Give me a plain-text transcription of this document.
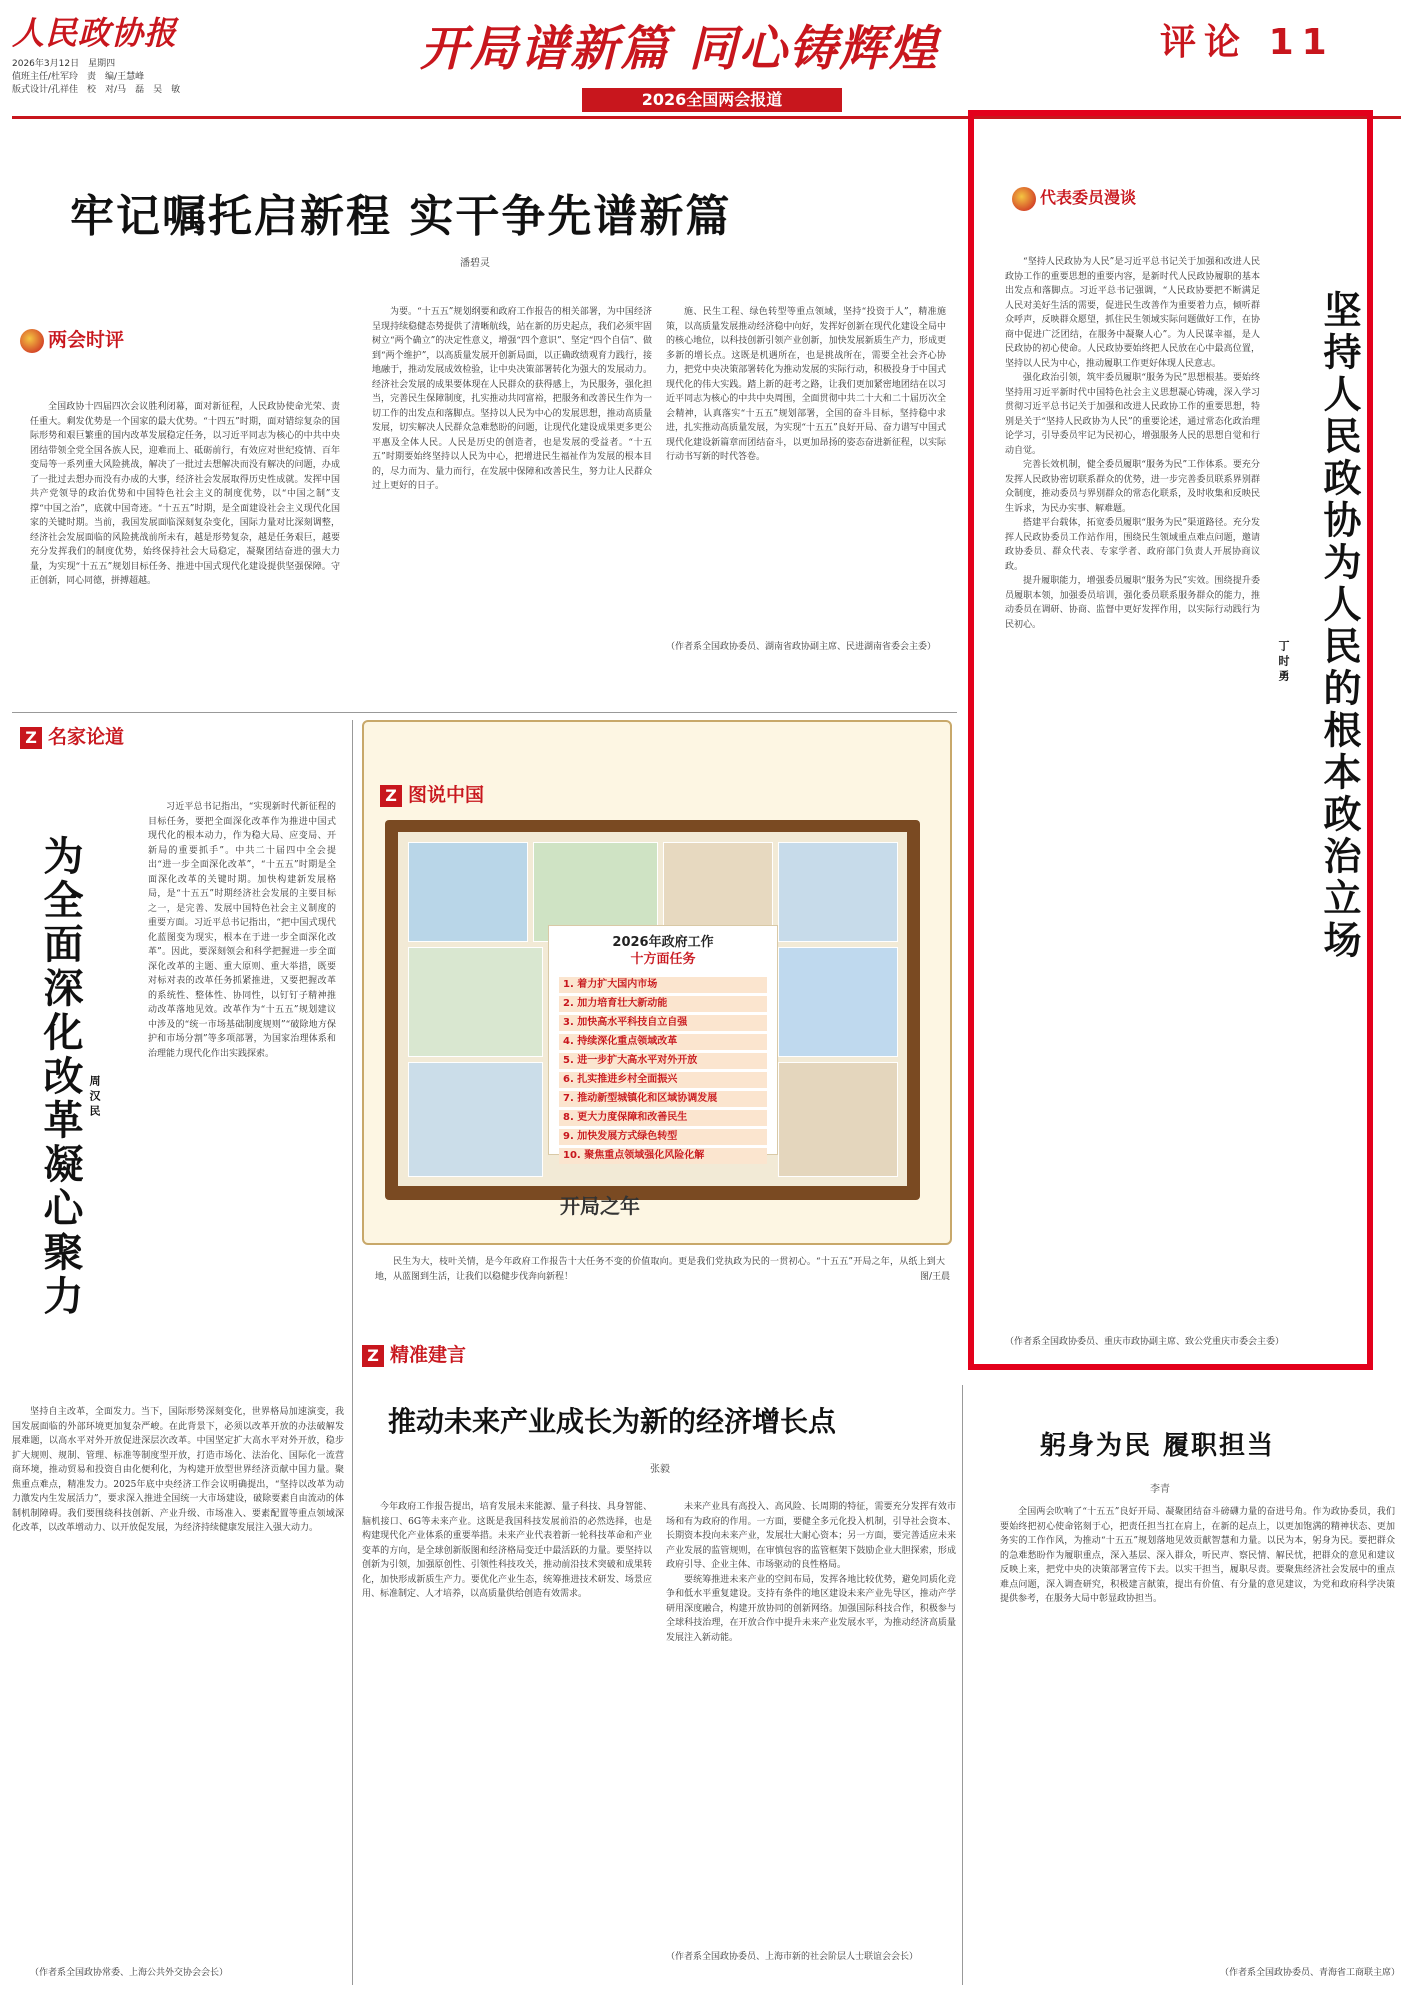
人民政协报
2026年3月12日　星期四
值班主任/杜军玲　责　编/王慧峰
版式设计/孔祥佳　校　对/马　磊　吴　敏
开局谱新篇 同心铸辉煌
2026全国两会报道
评论 11
牢记嘱托启新程 实干争先谱新篇
潘碧灵
两会时评

全国政协十四届四次会议胜利闭幕，面对新征程，人民政协使命光荣、责任重大。剩发优势是一个国家的最大优势。“十四五”时期，面对错综复杂的国际形势和艰巨繁重的国内改革发展稳定任务，以习近平同志为核心的中共中央团结带领全党全国各族人民，迎难而上、砥砺前行，有效应对世纪疫情、百年变局等一系列重大风险挑战，解决了一批过去想解决而没有解决的问题，办成了一批过去想办而没有办成的大事，经济社会发展取得历史性成就。发挥中国共产党领导的政治优势和中国特色社会主义的制度优势，以“中国之制”支撑“中国之治”，底就中国奇迹。“十五五”时期，是全面建设社会主义现代化国家的关键时期。当前，我国发展面临深刻复杂变化，国际力量对比深刻调整，经济社会发展面临的风险挑战前所未有，越是形势复杂，越是任务艰巨，越要充分发挥我们的制度优势，始终保持社会大局稳定，凝聚团结奋进的强大力量，为实现“十五五”规划目标任务、推进中国式现代化建设提供坚强保障。守正创新，同心同德，拼搏超越。

为要。“十五五”规划纲要和政府工作报告的相关部署，为中国经济呈现持续稳健态势提供了清晰航线，站在新的历史起点，我们必须牢固树立“两个确立”的决定性意义，增强“四个意识”、坚定“四个自信”、做到“两个维护”，以高质量发展开创新局面，以正确政绩观育力践行，接地融于，推动发展成效检验，让中央决策部署转化为强大的发展动力。经济社会发展的成果要体现在人民群众的获得感上，为民服务，强化担当，完善民生保障制度，扎实推动共同富裕，把服务和改善民生作为一切工作的出发点和落脚点。坚持以人民为中心的发展思想，推动高质量发展，切实解决人民群众急难愁盼的问题，让现代化建设成果更多更公平惠及全体人民。人民是历史的创造者，也是发展的受益者。“十五五”时期要始终坚持以人民为中心，把增进民生福祉作为发展的根本目的，尽力而为、量力而行，在发展中保障和改善民生，努力让人民群众过上更好的日子。

施、民生工程、绿色转型等重点领域，坚持“投资于人”，精准施策，以高质量发展推动经济稳中向好，发挥好创新在现代化建设全局中的核心地位，以科技创新引领产业创新，加快发展新质生产力，形成更多新的增长点。这既是机遇所在，也是挑战所在，需要全社会齐心协力，把党中央决策部署转化为推动发展的实际行动，积极投身于中国式现代化的伟大实践。踏上新的赶考之路，让我们更加紧密地团结在以习近平同志为核心的中共中央周围，全面贯彻中共二十大和二十届历次全会精神，认真落实“十五五”规划部署，全国的奋斗目标，坚持稳中求进，扎实推动高质量发展，为实现“十五五”良好开局、奋力谱写中国式现代化建设新篇章而团结奋斗，以更加昂扬的姿态奋进新征程，以实际行动书写新的时代答卷。

（作者系全国政协委员、湖南省政协副主席、民进湖南省委会主委）
Z 名家论道
为全面深化改革凝心聚力 周汉民

习近平总书记指出，“实现新时代新征程的目标任务，要把全面深化改革作为推进中国式现代化的根本动力，作为稳大局、应变局、开新局的重要抓手”。中共二十届四中全会提出“进一步全面深化改革”，“十五五”时期是全面深化改革的关键时期。加快构建新发展格局，是“十五五”时期经济社会发展的主要目标之一，是完善、发展中国特色社会主义制度的重要方面。习近平总书记指出，“把中国式现代化蓝图变为现实，根本在于进一步全面深化改革”。因此，要深刻领会和科学把握进一步全面深化改革的主题、重大原则、重大举措，既要对标对表的改革任务抓紧推进，又要把握改革的系统性、整体性、协同性，以钉钉子精神推动改革落地见效。改革作为“十五五”规划建议中涉及的“统一市场基础制度规则”“破除地方保护和市场分割”等多项部署，为国家治理体系和治理能力现代化作出实践探索。

坚持自主改革，全面发力。当下，国际形势深刻变化，世界格局加速演变，我国发展面临的外部环境更加复杂严峻。在此背景下，必须以改革开放的办法破解发展难题，以高水平对外开放促进深层次改革。中国坚定扩大高水平对外开放，稳步扩大规则、规制、管理、标准等制度型开放，打造市场化、法治化、国际化一流营商环境，推动贸易和投资自由化便利化，为构建开放型世界经济贡献中国力量。聚焦重点难点，精准发力。2025年底中央经济工作会议明确提出，“坚持以改革为动力激发内生发展活力”，要求深入推进全国统一大市场建设，破除要素自由流动的体制机制障碍。我们要围绕科技创新、产业升级、市场准入、要素配置等重点领域深化改革，以改革增动力、以开放促发展，为经济持续健康发展注入强大动力。

（作者系全国政协常委、上海公共外交协会会长）
Z 图说中国
2026年政府工作
十方面任务
1. 着力扩大国内市场
2. 加力培育壮大新动能
3. 加快高水平科技自立自强
4. 持续深化重点领域改革
5. 进一步扩大高水平对外开放
6. 扎实推进乡村全面振兴
7. 推动新型城镇化和区域协调发展
8. 更大力度保障和改善民生
9. 加快发展方式绿色转型
10. 聚焦重点领域强化风险化解
开局之年

民生为大，枝叶关情，是今年政府工作报告十大任务不变的价值取向。更是我们党执政为民的一贯初心。“十五五”开局之年，从纸上到大地，从蓝图到生活，让我们以稳健步伐奔向新程！	图/王晨
Z 精准建言
推动未来产业成长为新的经济增长点
张毅

今年政府工作报告提出，培育发展未来能源、量子科技、具身智能、脑机接口、6G等未来产业。这既是我国科技发展前沿的必然选择，也是构建现代化产业体系的重要举措。未来产业代表着新一轮科技革命和产业变革的方向，是全球创新版图和经济格局变迁中最活跃的力量。要坚持以创新为引领，加强原创性、引领性科技攻关，推动前沿技术突破和成果转化，加快形成新质生产力。要优化产业生态，统筹推进技术研发、场景应用、标准制定、人才培养，以高质量供给创造有效需求。

未来产业具有高投入、高风险、长周期的特征，需要充分发挥有效市场和有为政府的作用。一方面，要健全多元化投入机制，引导社会资本、长期资本投向未来产业，发展壮大耐心资本；另一方面，要完善适应未来产业发展的监管规则，在审慎包容的监管框架下鼓励企业大胆探索，形成政府引导、企业主体、市场驱动的良性格局。

要统筹推进未来产业的空间布局，发挥各地比较优势，避免同质化竞争和低水平重复建设。支持有条件的地区建设未来产业先导区，推动产学研用深度融合，构建开放协同的创新网络。加强国际科技合作，积极参与全球科技治理，在开放合作中提升未来产业发展水平，为推动经济高质量发展注入新动能。

（作者系全国政协委员、上海市新的社会阶层人士联谊会会长）
代表委员漫谈
坚持人民政协为人民的根本政治立场
丁时勇

“坚持人民政协为人民”是习近平总书记关于加强和改进人民政协工作的重要思想的重要内容，是新时代人民政协履职的基本出发点和落脚点。习近平总书记强调，“人民政协要把不断满足人民对美好生活的需要，促进民生改善作为重要着力点，倾听群众呼声，反映群众愿望，抓住民生领域实际问题做好工作，在协商中促进广泛团结，在服务中凝聚人心”。为人民谋幸福，是人民政协的初心使命。人民政协要始终把人民放在心中最高位置，坚持以人民为中心，推动履职工作更好体现人民意志。

强化政治引领，筑牢委员履职“服务为民”思想根基。要始终坚持用习近平新时代中国特色社会主义思想凝心铸魂，深入学习贯彻习近平总书记关于加强和改进人民政协工作的重要思想，特别是关于“坚持人民政协为人民”的重要论述，通过常态化政治理论学习，引导委员牢记为民初心，增强服务人民的思想自觉和行动自觉。

完善长效机制，健全委员履职“服务为民”工作体系。要充分发挥人民政协密切联系群众的优势，进一步完善委员联系界别群众制度，推动委员与界别群众的常态化联系，及时收集和反映民生诉求，为民办实事、解难题。

搭建平台载体，拓宽委员履职“服务为民”渠道路径。充分发挥人民政协委员工作站作用，围绕民生领域重点难点问题，邀请政协委员、群众代表、专家学者、政府部门负责人开展协商议政。

提升履职能力，增强委员履职“服务为民”实效。围绕提升委员履职本领，加强委员培训，强化委员联系服务群众的能力，推动委员在调研、协商、监督中更好发挥作用，以实际行动践行为民初心。

（作者系全国政协委员、重庆市政协副主席、致公党重庆市委会主委）
躬身为民 履职担当
李青

全国两会吹响了“十五五”良好开局、凝聚团结奋斗磅礴力量的奋进号角。作为政协委员，我们要始终把初心使命铭刻于心，把责任担当扛在肩上，在新的起点上，以更加饱满的精神状态、更加务实的工作作风，为推动“十五五”规划落地见效贡献智慧和力量。以民为本，躬身为民。要把群众的急难愁盼作为履职重点，深入基层、深入群众，听民声、察民情、解民忧，把群众的意见和建议反映上来，把党中央的决策部署宣传下去。以实干担当，履职尽责。要聚焦经济社会发展中的重点难点问题，深入调查研究，积极建言献策，提出有价值、有分量的意见建议，为党和政府科学决策提供参考，在服务大局中彰显政协担当。

（作者系全国政协委员、青海省工商联主席）
